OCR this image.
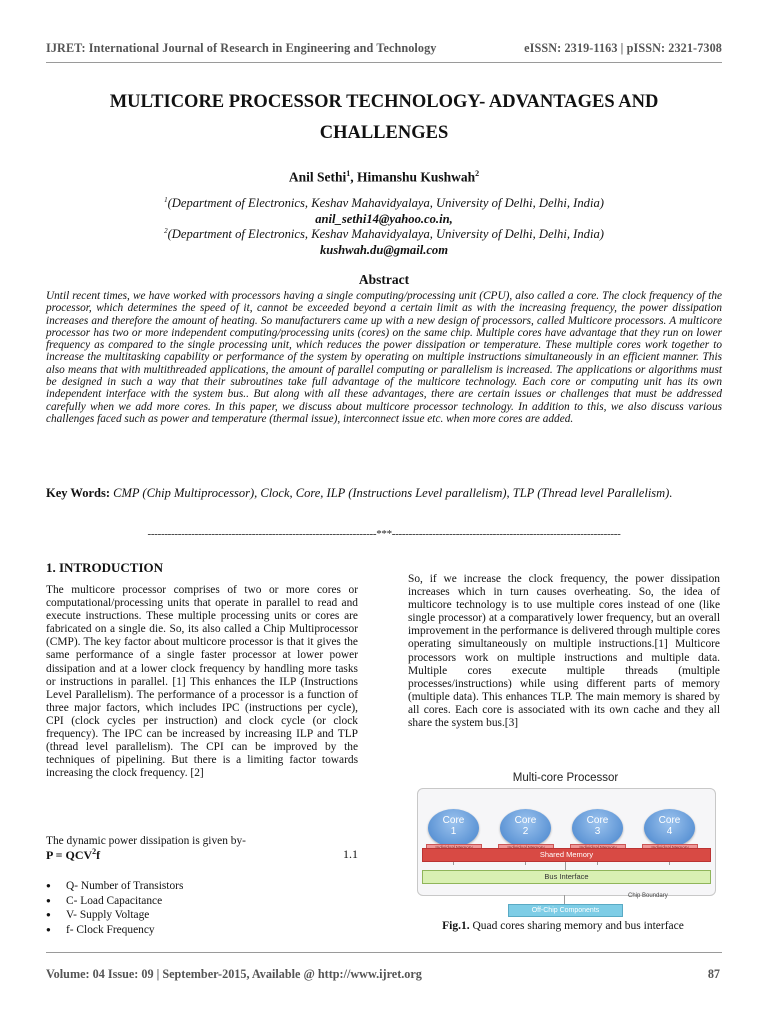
IJRET: International Journal of Research in Engineering and Technology	eISSN: 2319-1163 | pISSN: 2321-7308
MULTICORE PROCESSOR TECHNOLOGY- ADVANTAGES AND
CHALLENGES
Anil Sethi$^1$, Himanshu Kushwah$^2$
$^1$(Department of Electronics, Keshav Mahavidyalaya, University of Delhi, Delhi, India)
anil_sethi14@yahoo.co.in,
$^2$(Department of Electronics, Keshav Mahavidyalaya, University of Delhi, Delhi, India)
kushwah.du@gmail.com
Abstract
Until recent times, we have worked with processors having a single computing/processing unit (CPU), also called a core. The clock frequency of the processor, which determines the speed of it, cannot be exceeded beyond a certain limit as with the increasing frequency, the power dissipation increases and therefore the amount of heating. So manufacturers came up with a new design of processors, called Multicore processors. A multicore processor has two or more independent computing/processing units (cores) on the same chip. Multiple cores have advantage that they run on lower frequency as compared to the single processing unit, which reduces the power dissipation or temperature. These multiple cores work together to increase the multitasking capability or performance of the system by operating on multiple instructions simultaneously in an efficient manner. This also means that with multithreaded applications, the amount of parallel computing or parallelism is increased. The applications or algorithms must be designed in such a way that their subroutines take full advantage of the multicore technology. Each core or computing unit has its own independent interface with the system bus.. But along with all these advantages, there are certain issues or challenges that must be addressed carefully when we add more cores. In this paper, we discuss about multicore processor technology. In addition to this, we also discuss various challenges faced such as power and temperature (thermal issue), interconnect issue etc. when more cores are added.
Key Words: CMP (Chip Multiprocessor), Clock, Core, ILP (Instructions Level parallelism), TLP (Thread level Parallelism).
--------------------------------------------------------------------***--------------------------------------------------------------------
1. INTRODUCTION
The multicore processor comprises of two or more cores or computational/processing units that operate in parallel to read and execute instructions. These multiple processing units or cores are fabricated on a single die. So, its also called a Chip Multiprocessor (CMP). The key factor about multicore processor is that it gives the same performance of a single faster processor at lower power dissipation and at a lower clock frequency by handling more tasks or instructions in parallel. [1] This enhances the ILP (Instructions Level Parallelism). The performance of a processor is a function of three major factors, which includes IPC (instructions per cycle), CPI (clock cycles per instruction) and clock cycle (or clock frequency). The IPC can be increased by increasing ILP and TLP (thread level parallelism). The CPI can be improved by the techniques of pipelining. But there is a limiting factor towards increasing the clock frequency. [2]
The dynamic power dissipation is given by-
$P = QCV^2f$	1.1
● Q- Number of Transistors
● C- Load Capacitance
● V- Supply Voltage
● f- Clock Frequency
So, if we increase the clock frequency, the power dissipation increases which in turn causes overheating. So, the idea of multicore technology is to use multiple cores instead of one (like single processor) at a comparatively lower frequency, but an overall improvement in the performance is delivered through multiple cores operating simultaneously on multiple instructions.[1] Multicore processors work on multiple instructions and multiple data. Multiple cores execute multiple threads (multiple processes/instructions) while using different parts of memory (multiple data). This enhances TLP. The main memory is shared by all cores. Each core is associated with its own cache and they all share the system bus.[3]
Multi-core Processor
Core
1
Core
2
Core
3
Core
4
Shared Memory
Bus Interface
Chip Boundary
Off-Chip Components
Fig.1. Quad cores sharing memory and bus interface
Volume: 04 Issue: 09 | September-2015, Available @ http://www.ijret.org	87
